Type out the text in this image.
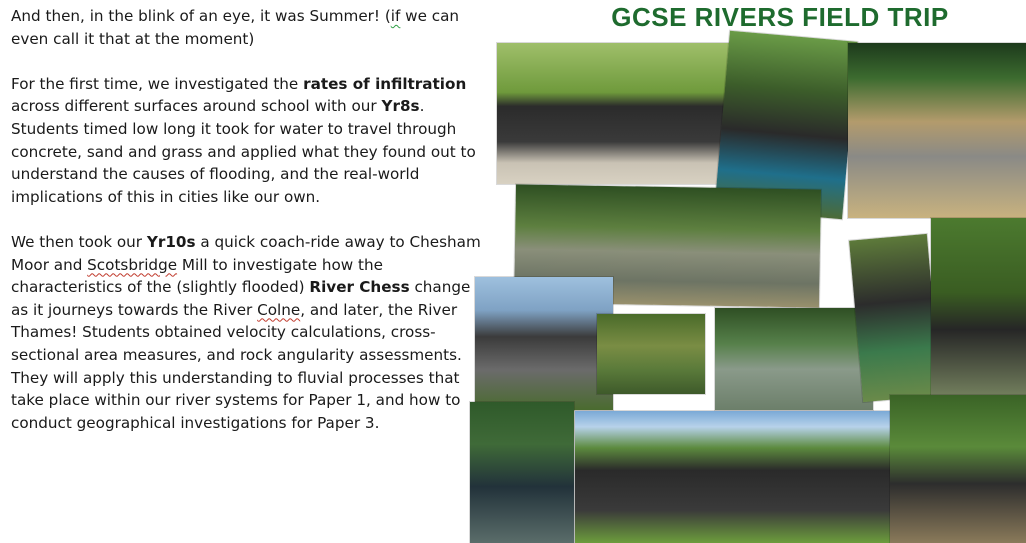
And then, in the blink of an eye, it was Summer! (if we can
even call it that at the moment)

For the first time, we investigated the rates of infiltration across different surfaces around school with our Yr8s. Students timed low long it took for water to travel through concrete, sand and grass and applied what they found out to understand the causes of flooding, and the real-world implications of this in cities like our own.

We then took our Yr10s a quick coach-ride away to Chesham Moor and Scotsbridge Mill to investigate how the characteristics of the (slightly flooded) River Chess change as it journeys towards the River Colne, and later, the River Thames! Students obtained velocity calculations, cross-sectional area measures, and rock angularity assessments. They will apply this understanding to fluvial processes that take place within our river systems for Paper 1, and how to conduct geographical investigations for Paper 3.

GCSE RIVERS FIELD TRIP
